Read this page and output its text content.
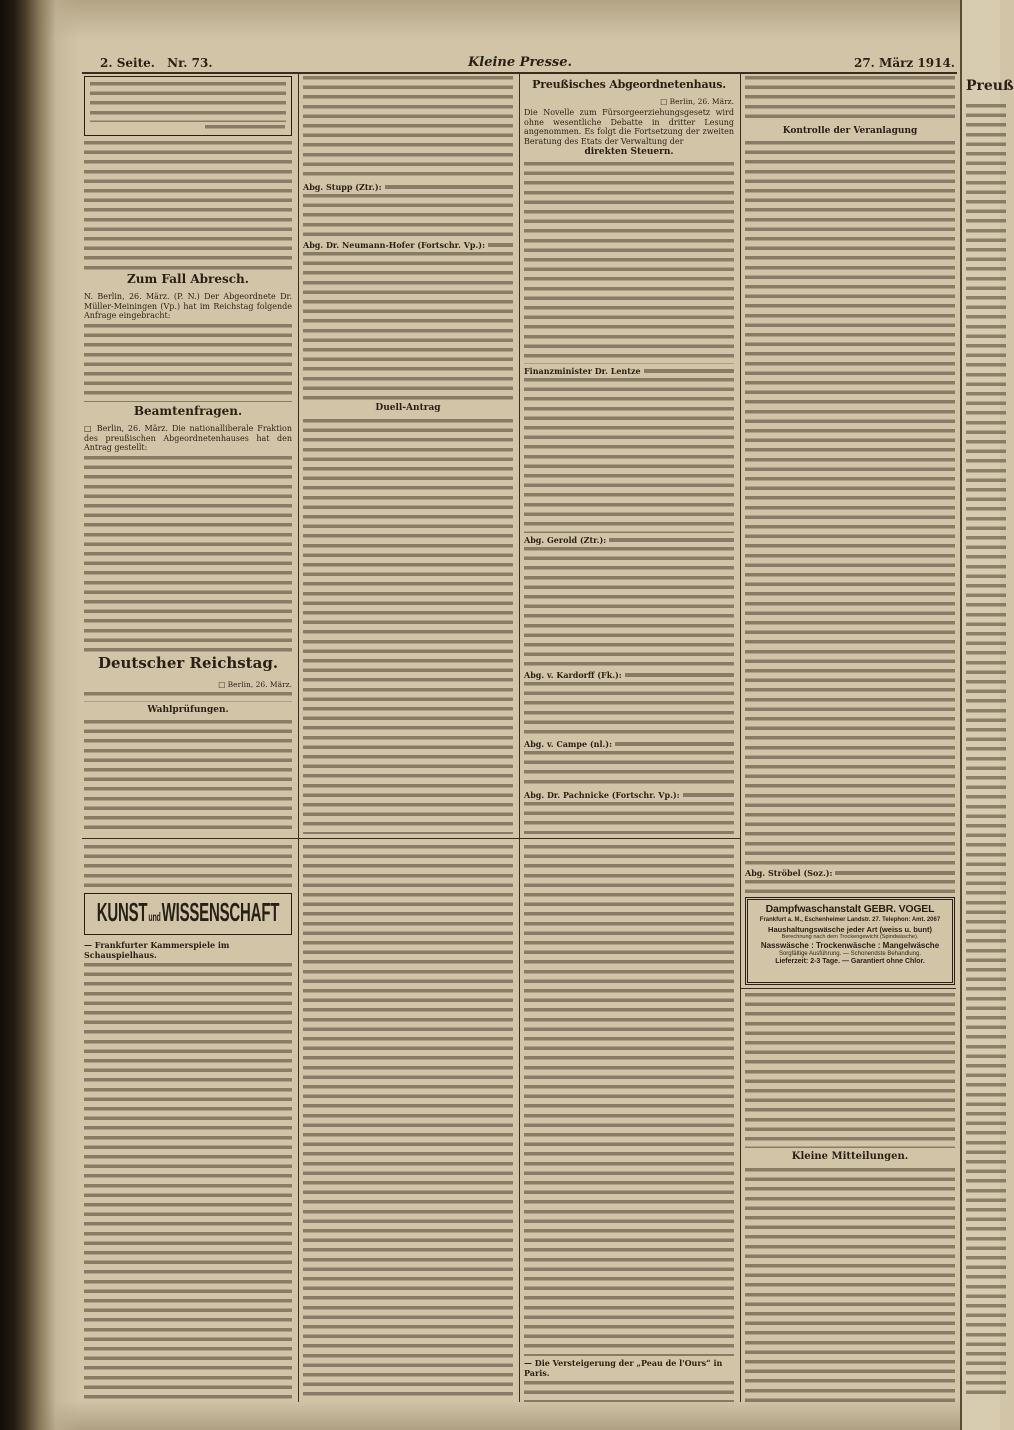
2. Seite. Nr. 73.	Kleine Presse.	27. März 1914.
Zum Fall Abresch.
N. Berlin, 26. März. (P. N.) Der Abgeordnete Dr. Müller-Meiningen (Vp.) hat im Reichstag folgende Anfrage eingebracht:
Beamtenfragen.
□ Berlin, 26. März. Die nationalliberale Fraktion des preußischen Abgeordnetenhauses hat den Antrag gestellt:
Deutscher Reichstag.
□ Berlin, 26. März.
Wahlprüfungen.
Abg. Stupp (Ztr.):
Abg. Dr. Neumann-Hofer (Fortschr. Vp.):
Duell-Antrag
Preußisches Abgeordnetenhaus.
□ Berlin, 26. März.
Die Novelle zum Fürsorgeerziehungsgesetz wird ohne wesentliche Debatte in dritter Lesung angenommen. Es folgt die Fortsetzung der zweiten Beratung des Etats der Verwaltung der
direkten Steuern.
Finanzminister Dr. Lentze
Abg. Gerold (Ztr.):
Abg. v. Kardorff (Fk.):
Abg. v. Campe (nl.):
Abg. Dr. Pachnicke (Fortschr. Vp.):
Kontrolle der Veranlagung
Abg. Ströbel (Soz.):
Dampfwaschanstalt GEBR. VOGEL
Frankfurt a. M., Eschenheimer Landstr. 27. Telephon: Amt. 2067
Haushaltungswäsche jeder Art (weiss u. bunt)
Berechnung nach dem Trockengewicht (Spindwäsche).
Nasswäsche : Trockenwäsche : Mangelwäsche
Sorgfältige Ausführung. — Schonendste Behandlung.
Lieferzeit: 2-3 Tage. — Garantiert ohne Chlor.
KUNSTundWISSENSCHAFT
— Frankfurter Kammerspiele im Schauspielhaus.
— Die Versteigerung der „Peau de l'Ours“ in Paris.
Kleine Mitteilungen.
Preuß
